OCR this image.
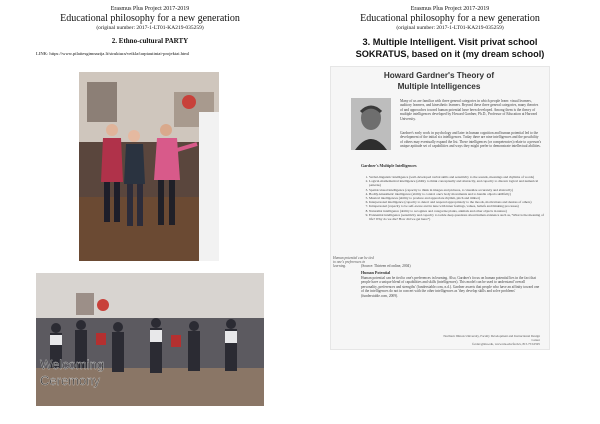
Erasmus Plus Project 2017-2019
Educational philosophy for a new generation
(original number: 2017-1-LT01-KA219-035259)
2. Ethno-cultural PARTY
LINK: https://www.pilaitesgimnazija.lt/struktura/veikla/tarptautiniai-projektai.html
Welcoming
Ceremony
Erasmus Plus Project 2017-2019
Educational philosophy for a new generation
(original number: 2017-1-LT01-KA219-035259)
3. Multiple Intelligent. Visit privat school
SOKRATUS, based on it (my dream school)
Howard Gardner's Theory of
Multiple Intelligences
Many of us are familiar with three general categories in which people learn: visual learners, auditory learners, and kinesthetic learners. Beyond these three general categories, many theories of and approaches toward human potential have been developed. Among them is the theory of multiple intelligences developed by Howard Gardner, Ph.D., Professor of Education at Harvard University.
Gardner's early work in psychology and later in human cognition and human potential led to the development of the initial six intelligences. Today there are nine intelligences and the possibility of others may eventually expand the list. These intelligences (or competencies) relate to a person's unique aptitude set of capabilities and ways they might prefer to demonstrate intellectual abilities.
Gardner's Multiple Intelligences
1. Verbal-linguistic intelligence (well-developed verbal skills and sensitivity to the sounds, meanings and rhythms of words)
2. Logical-mathematical intelligence (ability to think conceptually and abstractly, and capacity to discern logical and numerical patterns)
3. Spatial-visual intelligence (capacity to think in images and pictures, to visualize accurately and abstractly)
4. Bodily-kinesthetic intelligence (ability to control one's body movements and to handle objects skillfully)
5. Musical intelligences (ability to produce and appreciate rhythm, pitch and timber)
6. Interpersonal intelligence (capacity to detect and respond appropriately to the moods, motivations and desires of others)
7. Intrapersonal (capacity to be self-aware and in tune with inner feelings, values, beliefs and thinking processes)
8. Naturalist intelligence (ability to recognize and categorize plants, animals and other objects in nature)
9. Existential intelligence (sensitivity and capacity to tackle deep questions about human existence such as, 'What is the meaning of life? Why do we die? How did we get here?')
(Source: Thirteen ed online, 2004)
Human potential can be tied to one's preferences in learning.
Human Potential
Human potential can be tied to one's preferences in learning. Also, Gardner's focus on human potential lies in the fact that people have a unique blend of capabilities and skills (intelligences). This model can be used to understand 'overall personality, preferences and strengths' (funderstable.com, n.d.). Gardner asserts that people who have an affinity toward one of the intelligences do not in concert with the other intelligences as 'they develop skills and solve problems' (funderstable.com, 2009).
Northern Illinois University, Faculty Development and Instructional Design Center
facdev@niu.edu, www.niu.edu/facdev, 815.753.0595
